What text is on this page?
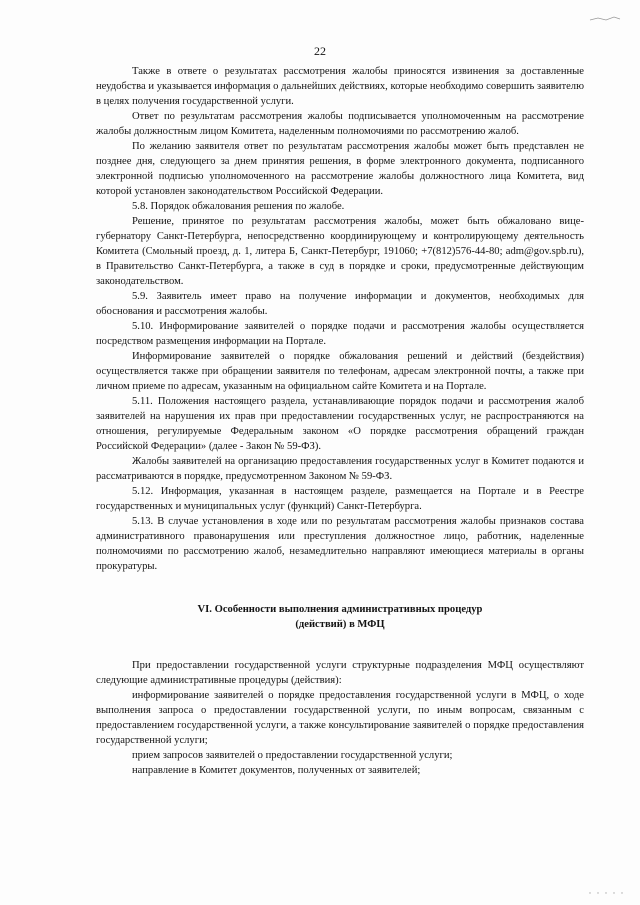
22

Также в ответе о результатах рассмотрения жалобы приносятся извинения за доставленные неудобства и указывается информация о дальнейших действиях, которые необходимо совершить заявителю в целях получения государственной услуги.

Ответ по результатам рассмотрения жалобы подписывается уполномоченным на рассмотрение жалобы должностным лицом Комитета, наделенным полномочиями по рассмотрению жалоб.

По желанию заявителя ответ по результатам рассмотрения жалобы может быть представлен не позднее дня, следующего за днем принятия решения, в форме электронного документа, подписанного электронной подписью уполномоченного на рассмотрение жалобы должностного лица Комитета, вид которой установлен законодательством Российской Федерации.

5.8. Порядок обжалования решения по жалобе.

Решение, принятое по результатам рассмотрения жалобы, может быть обжаловано вице-губернатору Санкт-Петербурга, непосредственно координирующему и контролирующему деятельность Комитета (Смольный проезд, д. 1, литера Б, Санкт-Петербург, 191060; +7(812)576-44-80; adm@gov.spb.ru), в Правительство Санкт-Петербурга, а также в суд в порядке и сроки, предусмотренные действующим законодательством.

5.9. Заявитель имеет право на получение информации и документов, необходимых для обоснования и рассмотрения жалобы.

5.10. Информирование заявителей о порядке подачи и рассмотрения жалобы осуществляется посредством размещения информации на Портале.

Информирование заявителей о порядке обжалования решений и действий (бездействия) осуществляется также при обращении заявителя по телефонам, адресам электронной почты, а также при личном приеме по адресам, указанным на официальном сайте Комитета и на Портале.

5.11. Положения настоящего раздела, устанавливающие порядок подачи и рассмотрения жалоб заявителей на нарушения их прав при предоставлении государственных услуг, не распространяются на отношения, регулируемые Федеральным законом «О порядке рассмотрения обращений граждан Российской Федерации» (далее - Закон № 59-ФЗ).

Жалобы заявителей на организацию предоставления государственных услуг в Комитет подаются и рассматриваются в порядке, предусмотренном Законом № 59-ФЗ.

5.12. Информация, указанная в настоящем разделе, размещается на Портале и в Реестре государственных и муниципальных услуг (функций) Санкт-Петербурга.

5.13. В случае установления в ходе или по результатам рассмотрения жалобы признаков состава административного правонарушения или преступления должностное лицо, работник, наделенные полномочиями по рассмотрению жалоб, незамедлительно направляют имеющиеся материалы в органы прокуратуры.

VI. Особенности выполнения административных процедур
(действий) в МФЦ

При предоставлении государственной услуги структурные подразделения МФЦ осуществляют следующие административные процедуры (действия):

информирование заявителей о порядке предоставления государственной услуги в МФЦ, о ходе выполнения запроса о предоставлении государственной услуги, по иным вопросам, связанным с предоставлением государственной услуги, а также консультирование заявителей о порядке предоставления государственной услуги;

прием запросов заявителей о предоставлении государственной услуги;

направление в Комитет документов, полученных от заявителей;
